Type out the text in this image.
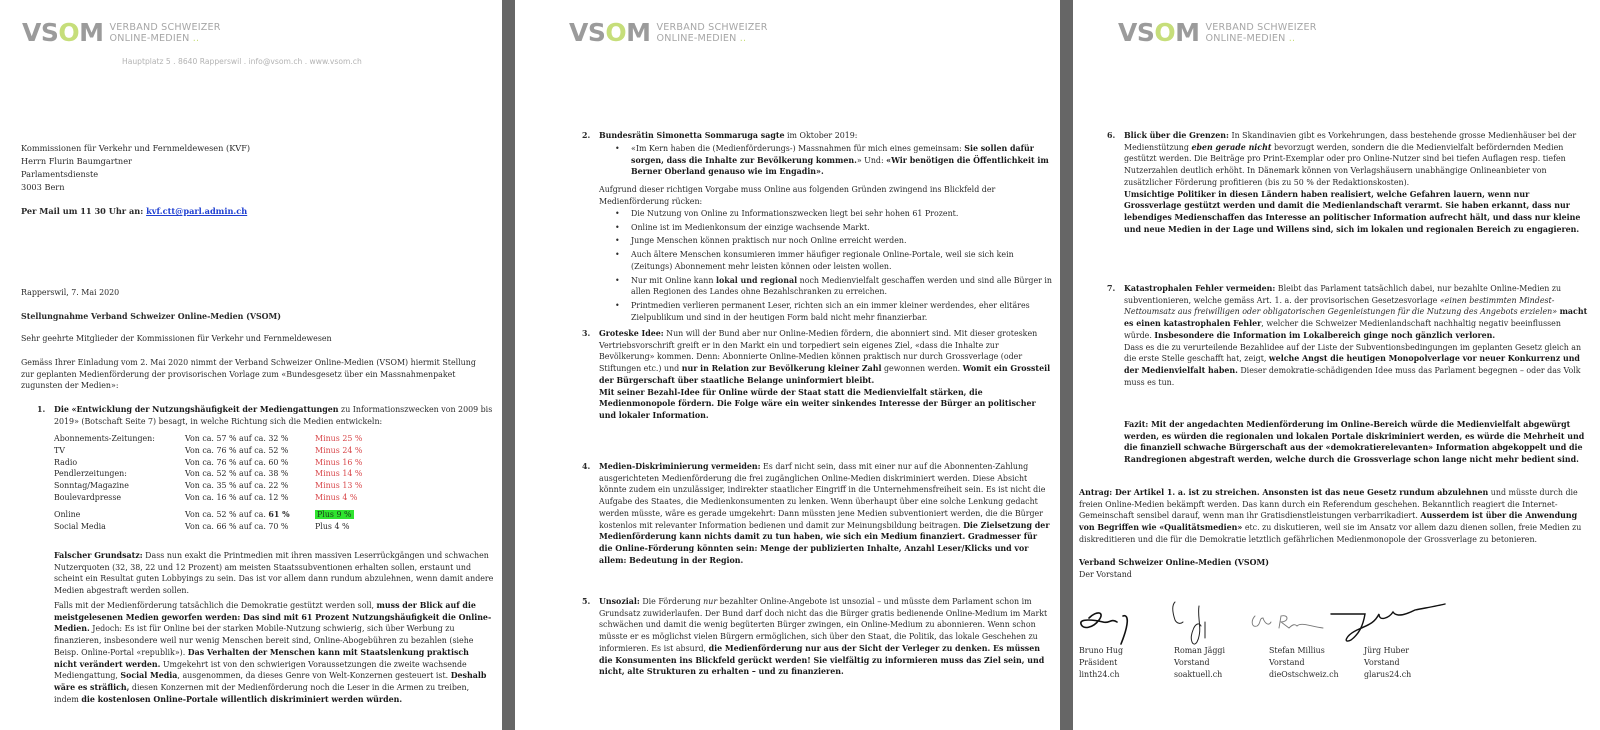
VSOM VERBAND SCHWEIZER
ONLINE-MEDIEN ..
Hauptplatz 5 . 8640 Rapperswil . info@vsom.ch . www.vsom.ch
Kommissionen für Verkehr und Fernmeldewesen (KVF)
Herrn Flurin Baumgartner
Parlamentsdienste
3003 Bern
Per Mail um 11 30 Uhr an: kvf.ctt@parl.admin.ch
Rapperswil, 7. Mai 2020
Stellungnahme Verband Schweizer Online-Medien (VSOM)
Sehr geehrte Mitglieder der Kommissionen für Verkehr und Fernmeldewesen
Gemäss Ihrer Einladung vom 2. Mai 2020 nimmt der Verband Schweizer Online-Medien (VSOM) hiermit Stellung zur geplanten Medienförderung der provisorischen Vorlage zum «Bundesgesetz über ein Massnahmenpaket zugunsten der Medien»:
1. Die «Entwicklung der Nutzungshäufigkeit der Mediengattungen zu Informationszwecken von 2009 bis 2019» (Botschaft Seite 7) besagt, in welche Richtung sich die Medien entwickeln:
Abonnements-Zeitungen:	Von ca. 57 % auf ca. 32 %	Minus 25 %
TV	Von ca. 76 % auf ca. 52 %	Minus 24 %
Radio	Von ca. 76 % auf ca. 60 %	Minus 16 %
Pendlerzeitungen:	Von ca. 52 % auf ca. 38 %	Minus 14 %
Sonntag/Magazine	Von ca. 35 % auf ca. 22 %	Minus 13 %
Boulevardpresse	Von ca. 16 % auf ca. 12 %	Minus 4 %
Online	Von ca. 52 % auf ca. 61 %	Plus 9 %
Social Media	Von ca. 66 % auf ca. 70 %	Plus 4 %
Falscher Grundsatz: Dass nun exakt die Printmedien mit ihren massiven Leserrückgängen und schwachen Nutzerquoten (32, 38, 22 und 12 Prozent) am meisten Staatssubventionen erhalten sollen, erstaunt und scheint ein Resultat guten Lobbyings zu sein. Das ist vor allem dann rundum abzulehnen, wenn damit andere Medien abgestraft werden sollen.
Falls mit der Medienförderung tatsächlich die Demokratie gestützt werden soll, muss der Blick auf die meistgelesenen Medien geworfen werden: Das sind mit 61 Prozent Nutzungshäufigkeit die Online-Medien. Jedoch: Es ist für Online bei der starken Mobile-Nutzung schwierig, sich über Werbung zu finanzieren, insbesondere weil nur wenig Menschen bereit sind, Online-Abogebühren zu bezahlen (siehe Beisp. Online-Portal «republik»). Das Verhalten der Menschen kann mit Staatslenkung praktisch nicht verändert werden. Umgekehrt ist von den schwierigen Voraussetzungen die zweite wachsende Mediengattung, Social Media, ausgenommen, da dieses Genre von Welt-Konzernen gesteuert ist. Deshalb wäre es sträflich, diesen Konzernen mit der Medienförderung noch die Leser in die Armen zu treiben, indem die kostenlosen Online-Portale willentlich diskriminiert werden würden.
VSOM VERBAND SCHWEIZER
ONLINE-MEDIEN ..
2. Bundesrätin Simonetta Sommaruga sagte im Oktober 2019:
• «Im Kern haben die (Medienförderungs-) Massnahmen für mich eines gemeinsam: Sie sollen dafür sorgen, dass die Inhalte zur Bevölkerung kommen.» Und: «Wir benötigen die Öffentlichkeit im Berner Oberland genauso wie im Engadin».
Aufgrund dieser richtigen Vorgabe muss Online aus folgenden Gründen zwingend ins Blickfeld der Medienförderung rücken:
• Die Nutzung von Online zu Informationszwecken liegt bei sehr hohen 61 Prozent.
• Online ist im Medienkonsum der einzige wachsende Markt.
• Junge Menschen können praktisch nur noch Online erreicht werden.
• Auch ältere Menschen konsumieren immer häufiger regionale Online-Portale, weil sie sich kein (Zeitungs) Abonnement mehr leisten können oder leisten wollen.
• Nur mit Online kann lokal und regional noch Medienvielfalt geschaffen werden und sind alle Bürger in allen Regionen des Landes ohne Bezahlschranken zu erreichen.
• Printmedien verlieren permanent Leser, richten sich an ein immer kleiner werdendes, eher elitäres Zielpublikum und sind in der heutigen Form bald nicht mehr finanzierbar.
3. Groteske Idee: Nun will der Bund aber nur Online-Medien fördern, die abonniert sind. Mit dieser grotesken Vertriebsvorschrift greift er in den Markt ein und torpediert sein eigenes Ziel, «dass die Inhalte zur Bevölkerung» kommen. Denn: Abonnierte Online-Medien können praktisch nur durch Grossverlage (oder Stiftungen etc.) und nur in Relation zur Bevölkerung kleiner Zahl gewonnen werden. Womit ein Grossteil der Bürgerschaft über staatliche Belange uninformiert bleibt.
Mit seiner Bezahl-Idee für Online würde der Staat statt die Medienvielfalt stärken, die Medienmonopole fördern. Die Folge wäre ein weiter sinkendes Interesse der Bürger an politischer und lokaler Information.
4. Medien-Diskriminierung vermeiden: Es darf nicht sein, dass mit einer nur auf die Abonnenten-Zahlung ausgerichteten Medienförderung die frei zugänglichen Online-Medien diskriminiert werden. Diese Absicht könnte zudem ein unzulässiger, indirekter staatlicher Eingriff in die Unternehmensfreiheit sein. Es ist nicht die Aufgabe des Staates, die Medienkonsumenten zu lenken. Wenn überhaupt über eine solche Lenkung gedacht werden müsste, wäre es gerade umgekehrt: Dann müssten jene Medien subventioniert werden, die die Bürger kostenlos mit relevanter Information bedienen und damit zur Meinungsbildung beitragen. Die Zielsetzung der Medienförderung kann nichts damit zu tun haben, wie sich ein Medium finanziert. Gradmesser für die Online-Förderung könnten sein: Menge der publizierten Inhalte, Anzahl Leser/Klicks und vor allem: Bedeutung in der Region.
5. Unsozial: Die Förderung nur bezahlter Online-Angebote ist unsozial – und müsste dem Parlament schon im Grundsatz zuwiderlaufen. Der Bund darf doch nicht das die Bürger gratis bedienende Online-Medium im Markt schwächen und damit die wenig begüterten Bürger zwingen, ein Online-Medium zu abonnieren. Wenn schon müsste er es möglichst vielen Bürgern ermöglichen, sich über den Staat, die Politik, das lokale Geschehen zu informieren. Es ist absurd, die Medienförderung nur aus der Sicht der Verleger zu denken. Es müssen die Konsumenten ins Blickfeld gerückt werden! Sie vielfältig zu informieren muss das Ziel sein, und nicht, alte Strukturen zu erhalten – und zu finanzieren.
VSOM VERBAND SCHWEIZER
ONLINE-MEDIEN ..
6. Blick über die Grenzen: In Skandinavien gibt es Vorkehrungen, dass bestehende grosse Medienhäuser bei der Medienstützung eben gerade nicht bevorzugt werden, sondern die die Medienvielfalt befördernden Medien gestützt werden. Die Beiträge pro Print-Exemplar oder pro Online-Nutzer sind bei tiefen Auflagen resp. tiefen Nutzerzahlen deutlich erhöht. In Dänemark können von Verlagshäusern unabhängige Onlineanbieter von zusätzlicher Förderung profitieren (bis zu 50 % der Redaktionskosten).
Umsichtige Politiker in diesen Ländern haben realisiert, welche Gefahren lauern, wenn nur Grossverlage gestützt werden und damit die Medienlandschaft verarmt. Sie haben erkannt, dass nur lebendiges Medienschaffen das Interesse an politischer Information aufrecht hält, und dass nur kleine und neue Medien in der Lage und Willens sind, sich im lokalen und regionalen Bereich zu engagieren.
7. Katastrophalen Fehler vermeiden: Bleibt das Parlament tatsächlich dabei, nur bezahlte Online-Medien zu subventionieren, welche gemäss Art. 1. a. der provisorischen Gesetzesvorlage «einen bestimmten Mindest-Nettoumsatz aus freiwilligen oder obligatorischen Gegenleistungen für die Nutzung des Angebots erzielen» macht es einen katastrophalen Fehler, welcher die Schweizer Medienlandschaft nachhaltig negativ beeinflussen würde. Insbesondere die Information im Lokalbereich ginge noch gänzlich verloren.
Dass es die zu verurteilende Bezahlidee auf der Liste der Subventionsbedingungen im geplanten Gesetz gleich an die erste Stelle geschafft hat, zeigt, welche Angst die heutigen Monopolverlage vor neuer Konkurrenz und der Medienvielfalt haben. Dieser demokratie-schädigenden Idee muss das Parlament begegnen – oder das Volk muss es tun.
Fazit: Mit der angedachten Medienförderung im Online-Bereich würde die Medienvielfalt abgewürgt werden, es würden die regionalen und lokalen Portale diskriminiert werden, es würde die Mehrheit und die finanziell schwache Bürgerschaft aus der «demokratierelevanten» Information abgekoppelt und die Randregionen abgestraft werden, welche durch die Grossverlage schon lange nicht mehr bedient sind.
Antrag: Der Artikel 1. a. ist zu streichen. Ansonsten ist das neue Gesetz rundum abzulehnen und müsste durch die freien Online-Medien bekämpft werden. Das kann durch ein Referendum geschehen. Bekanntlich reagiert die Internet-Gemeinschaft sensibel darauf, wenn man ihr Gratisdienstleistungen verbarrikadiert. Ausserdem ist über die Anwendung von Begriffen wie «Qualitätsmedien» etc. zu diskutieren, weil sie im Ansatz vor allem dazu dienen sollen, freie Medien zu diskreditieren und die für die Demokratie letztlich gefährlichen Medienmonopole der Grossverlage zu betonieren.
Verband Schweizer Online-Medien (VSOM)
Der Vorstand
Bruno Hug
Präsident
linth24.ch
Roman Jäggi
Vorstand
soaktuell.ch
Stefan Millius
Vorstand
dieOstschweiz.ch
Jürg Huber
Vorstand
glarus24.ch
